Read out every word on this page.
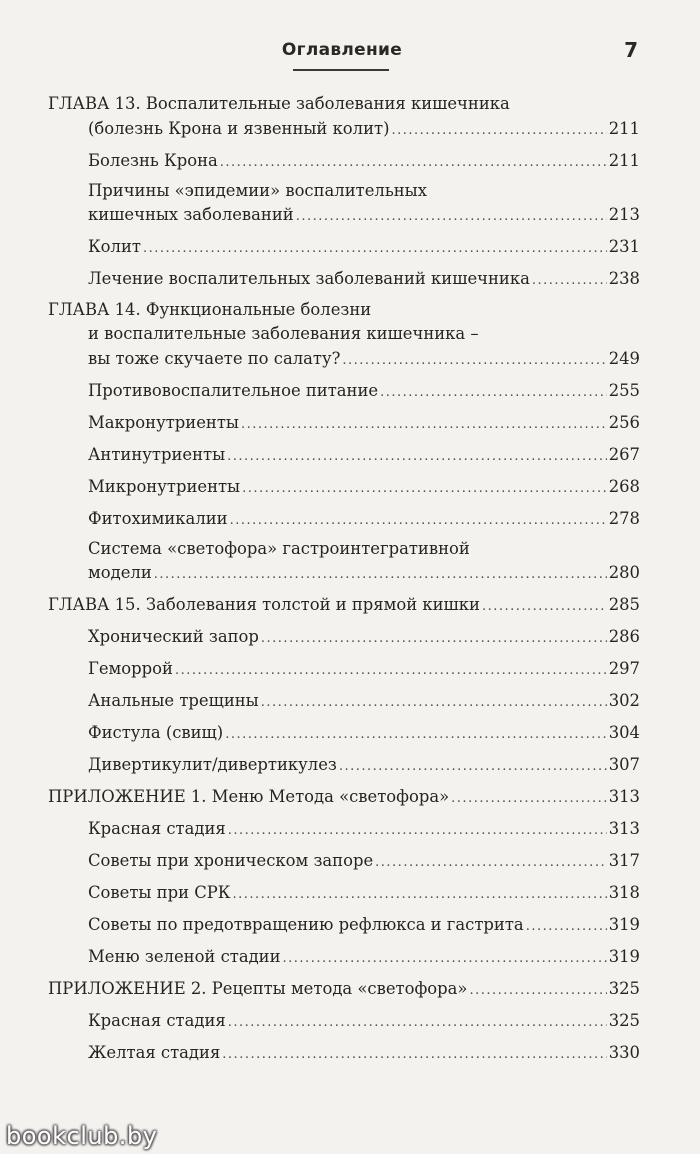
Оглавление	7
ГЛАВА 13. Воспалительные заболевания кишечника
(болезнь Крона и язвенный колит) .....	211
Болезнь Крона .....	211
Причины «эпидемии» воспалительных
кишечных заболеваний .....	213
Колит .....	231
Лечение воспалительных заболеваний кишечника .....	238
ГЛАВА 14. Функциональные болезни
и воспалительные заболевания кишечника –
вы тоже скучаете по салату? .....	249
Противовоспалительное питание .....	255
Макронутриенты .....	256
Антинутриенты .....	267
Микронутриенты .....	268
Фитохимикалии .....	278
Система «светофора» гастроинтегративной
модели .....	280
ГЛАВА 15. Заболевания толстой и прямой кишки .....	285
Хронический запор .....	286
Геморрой .....	297
Анальные трещины .....	302
Фистула (свищ) .....	304
Дивертикулит/дивертикулез .....	307
ПРИЛОЖЕНИЕ 1. Меню Метода «светофора» .....	313
Красная стадия .....	313
Советы при хроническом запоре .....	317
Советы при СРК .....	318
Советы по предотвращению рефлюкса и гастрита .....	319
Меню зеленой стадии .....	319
ПРИЛОЖЕНИЕ 2. Рецепты метода «светофора» .....	325
Красная стадия .....	325
Желтая стадия .....	330
bookclub.by
